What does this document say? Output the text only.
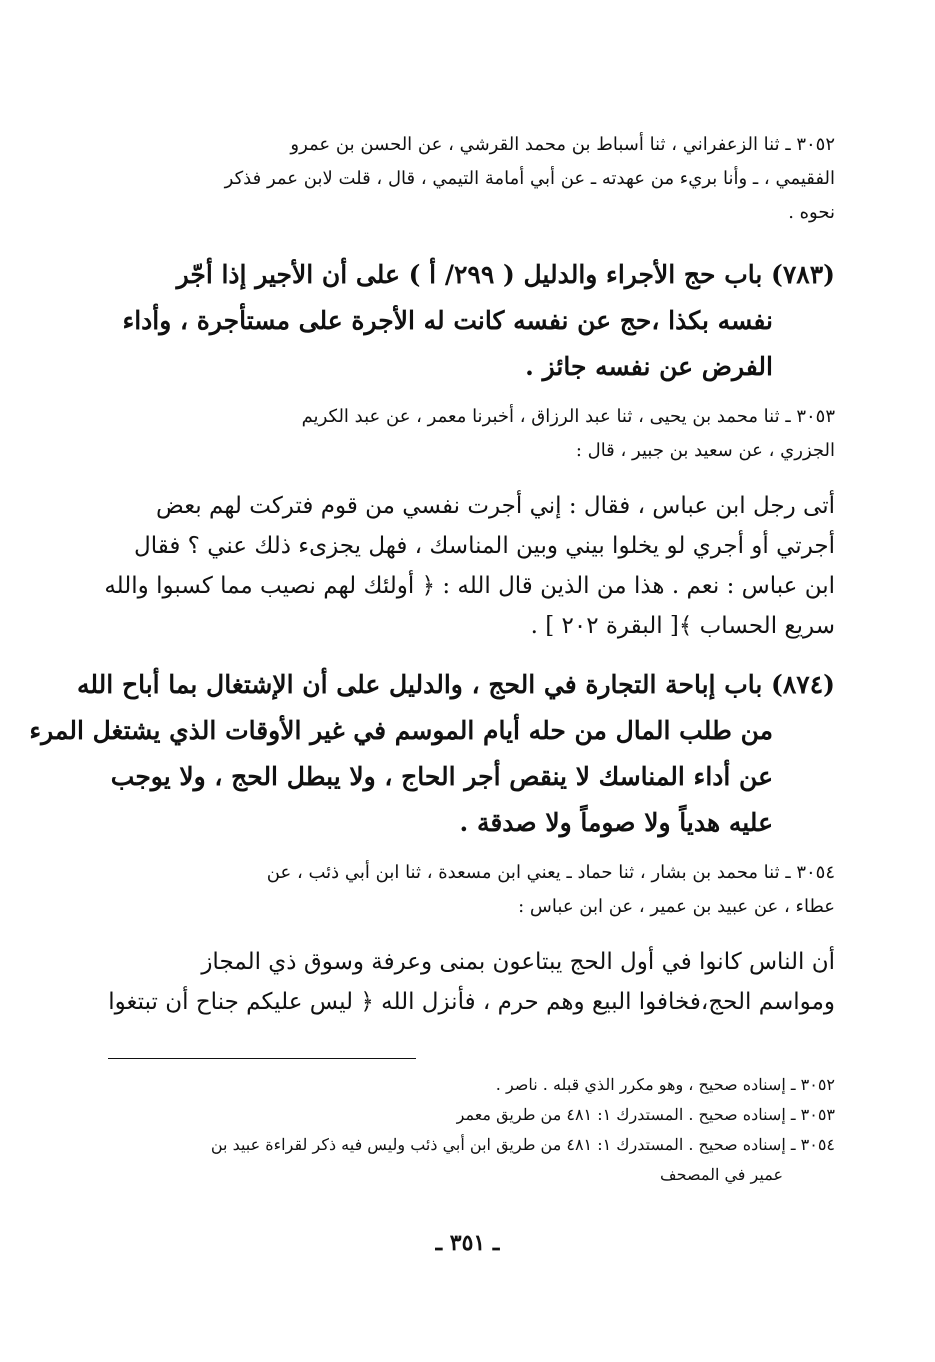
٣٠٥٢ ـ ثنا الزعفراني ، ثنا أسباط بن محمد القرشي ، عن الحسن بن عمرو
الفقيمي ، ـ وأنا بريء من عهدته ـ عن أبي أمامة التيمي ، قال ، قلت لابن عمر فذكر
نحوه .
(٧٨٣) باب حج الأجراء والدليل ( ٢٩٩/ أ ) على أن الأجير إذا أجّر
نفسه بكذا ،حج عن نفسه كانت له الأجرة على مستأجرة ، وأداء
الفرض عن نفسه جائز .
٣٠٥٣ ـ ثنا محمد بن يحيى ، ثنا عبد الرزاق ، أخبرنا معمر ، عن عبد الكريم
الجزري ، عن سعيد بن جبير ، قال :
أتى رجل ابن عباس ، فقال : إني أجرت نفسي من قوم فتركت لهم بعض
أجرتي أو أجري لو يخلوا بيني وبين المناسك ، فهل يجزىء ذلك عني ؟ فقال
ابن عباس : نعم . هذا من الذين قال الله : ﴿ أولئك لهم نصيب مما كسبوا والله
سريع الحساب ﴾[ البقرة ٢٠٢ ] .
(٨٧٤) باب إباحة التجارة في الحج ، والدليل على أن الإشتغال بما أباح الله
من طلب المال من حله أيام الموسم في غير الأوقات الذي يشتغل المرء
عن أداء المناسك لا ينقص أجر الحاج ، ولا يبطل الحج ، ولا يوجب
عليه هدياً ولا صوماً ولا صدقة .
٣٠٥٤ ـ ثنا محمد بن بشار ، ثنا حماد ـ يعني ابن مسعدة ، ثنا ابن أبي ذئب ، عن
عطاء ، عن عبيد بن عمير ، عن ابن عباس :
أن الناس كانوا في أول الحج يبتاعون بمنى وعرفة وسوق ذي المجاز
ومواسم الحج،فخافوا البيع وهم حرم ، فأنزل الله ﴿ ليس عليكم جناح أن تبتغوا
٣٠٥٢ ـ إسناده صحيح ، وهو مكرر الذي قبله . ناصر .
٣٠٥٣ ـ إسناده صحيح . المستدرك ١: ٤٨١ من طريق معمر
٣٠٥٤ ـ إسناده صحيح . المستدرك ١: ٤٨١ من طريق ابن أبي ذئب وليس فيه ذكر لقراءة عبيد بن
عمير في المصحف
ـ ٣٥١ ـ
